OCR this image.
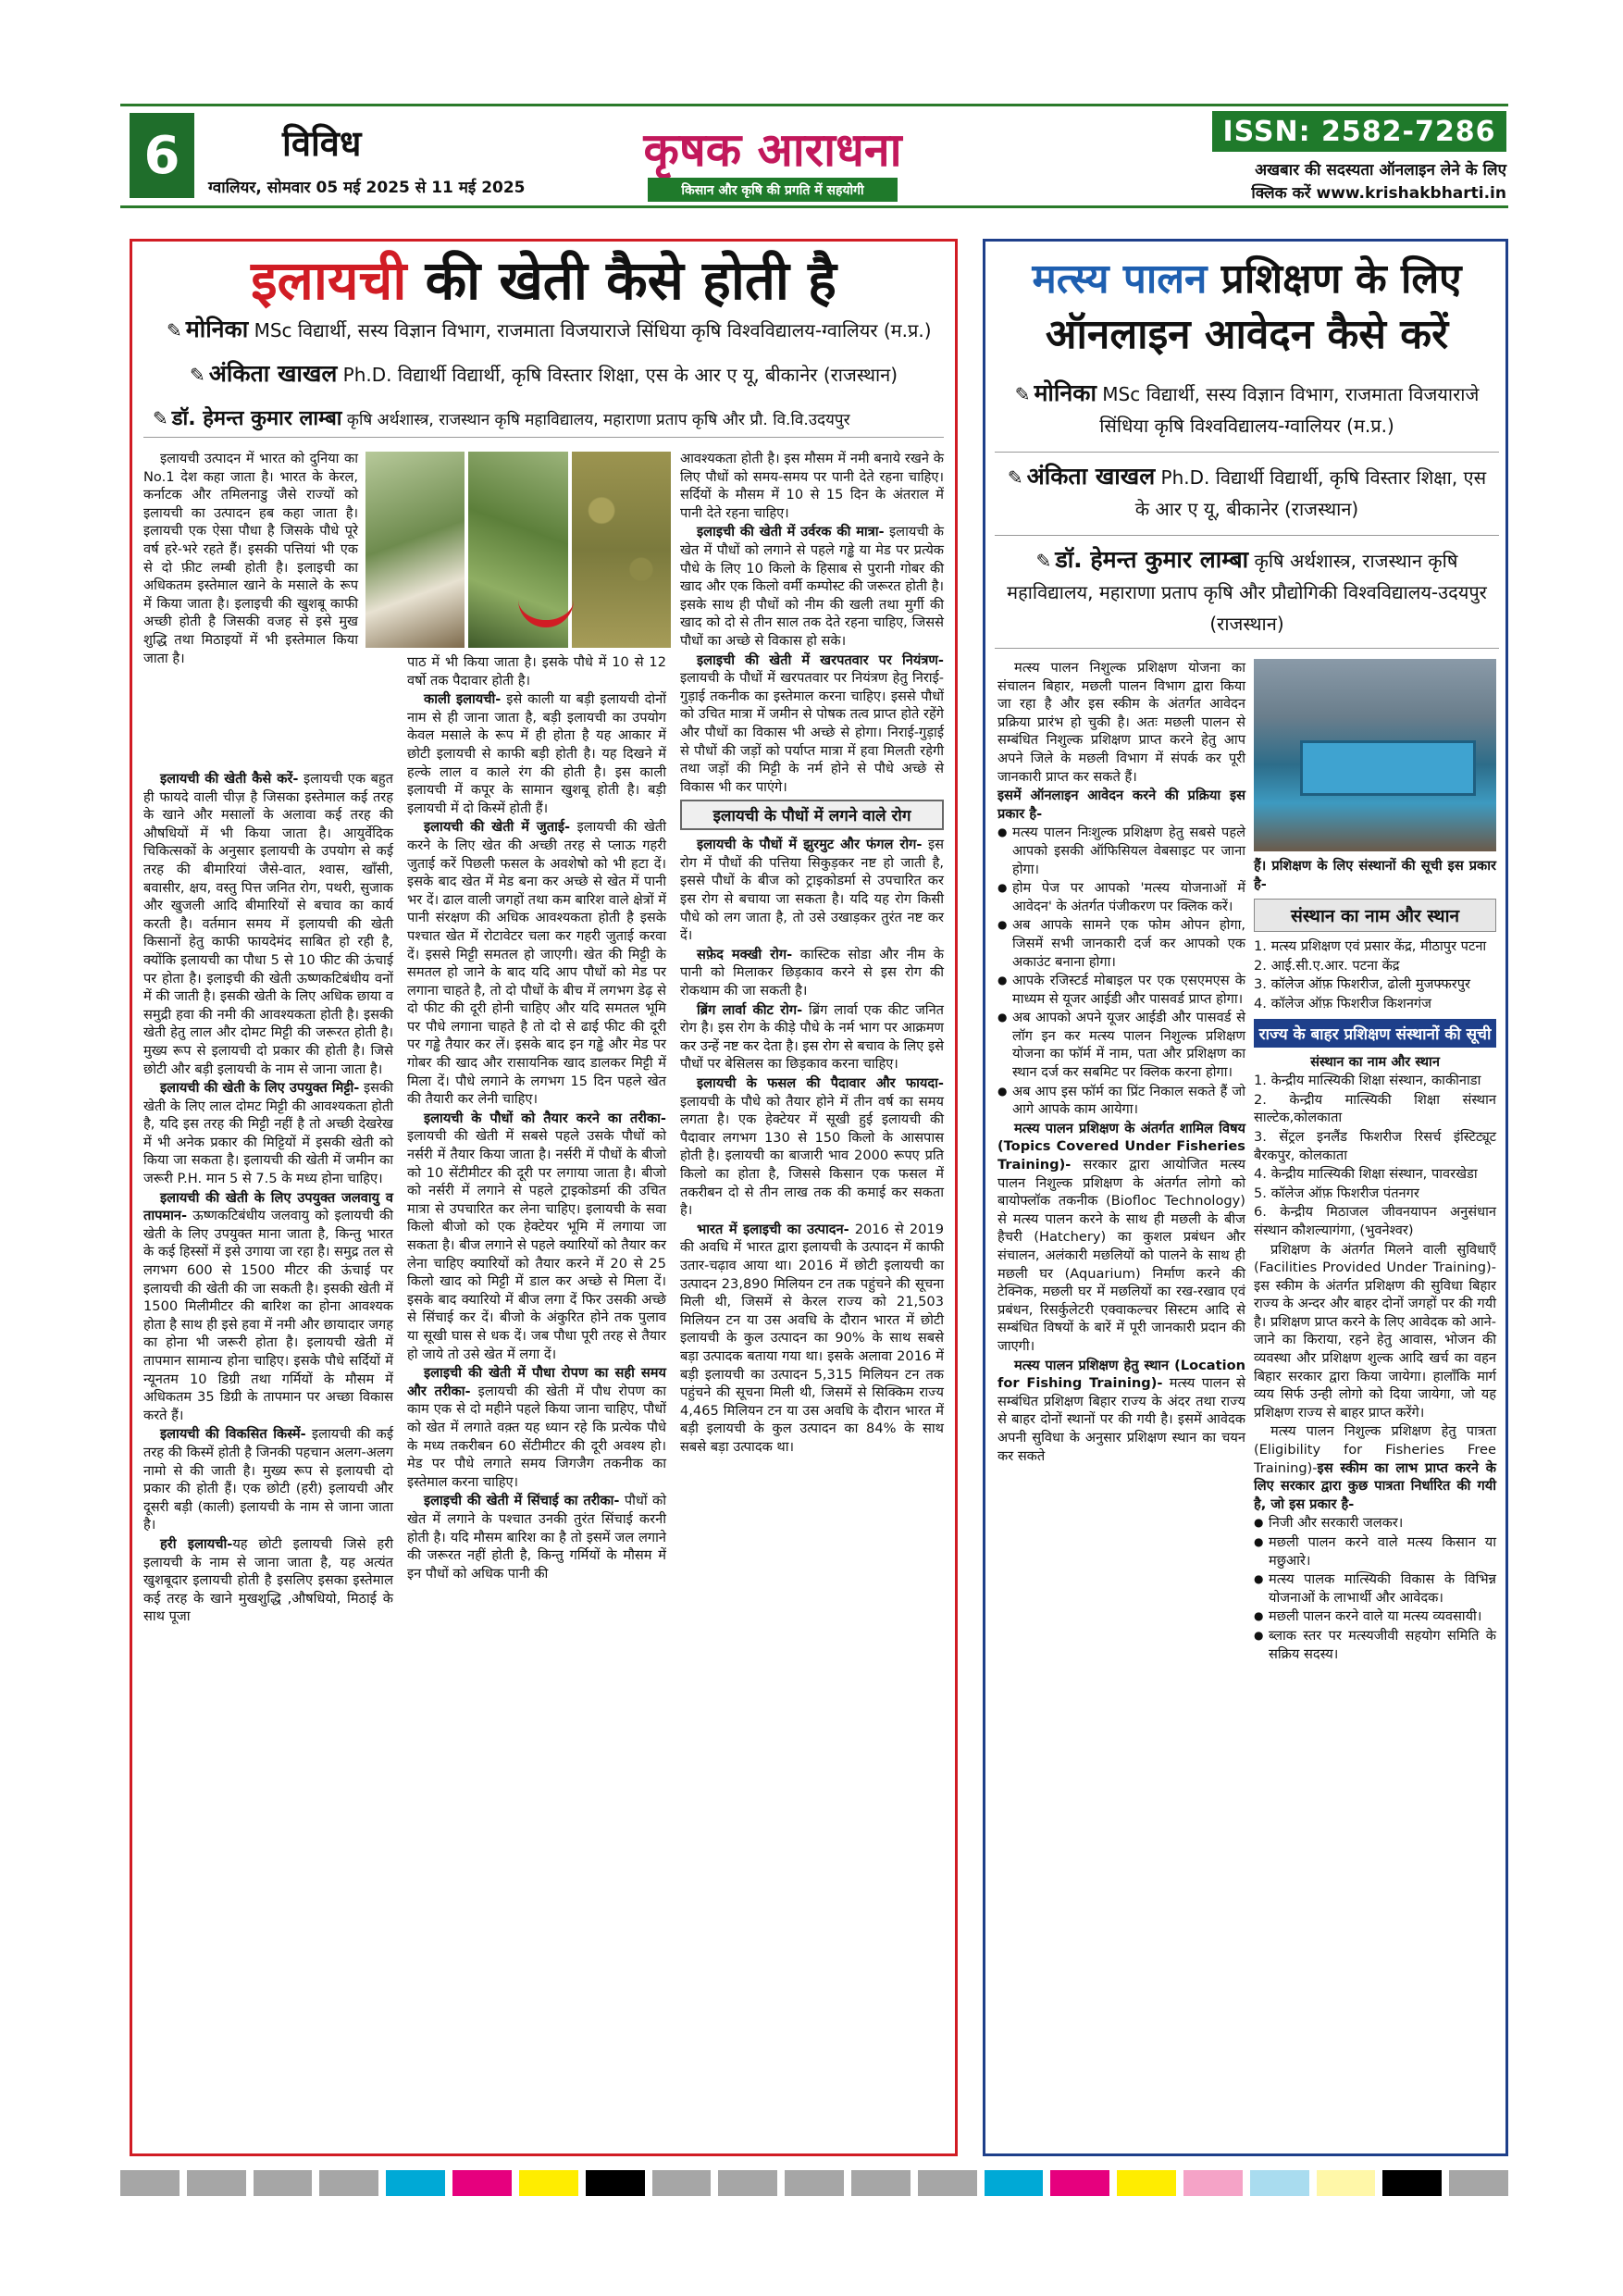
6	विविध
ग्वालियर, सोमवार 05 मई 2025 से 11 मई 2025
कृषक आराधना
किसान और कृषि की प्रगति में सहयोगी
ISSN: 2582-7286
अखबार की सदस्यता ऑनलाइन लेने के लिए
क्लिक करें www.krishakbharti.in
इलायची की खेती कैसे होती है
✎ मोनिका MSc विद्यार्थी, सस्य विज्ञान विभाग, राजमाता विजयाराजे सिंधिया कृषि विश्वविद्यालय-ग्वालियर (म.प्र.)
✎ अंकिता खाखल Ph.D. विद्यार्थी विद्यार्थी, कृषि विस्तार शिक्षा, एस के आर ए यू, बीकानेर (राजस्थान)
✎ डॉ. हेमन्त कुमार लाम्बा कृषि अर्थशास्त्र, राजस्थान कृषि महाविद्यालय, महाराणा प्रताप कृषि और प्रौ. वि.वि.उदयपुर

इलायची उत्पादन में भारत को दुनिया का No.1 देश कहा जाता है। भारत के केरल, कर्नाटक और तमिलनाडु जैसे राज्यों को इलायची का उत्पादन हब कहा जाता है। इलायची एक ऐसा पौधा है जिसके पौधे पूरे वर्ष हरे-भरे रहते हैं। इसकी पत्तियां भी एक से दो फ़ीट लम्बी होती है। इलाइची का अधिकतम इस्तेमाल खाने के मसाले के रूप में किया जाता है। इलाइची की खुशबू काफी अच्छी होती है जिसकी वजह से इसे मुख शुद्धि तथा मिठाइयों में भी इस्तेमाल किया जाता है।

इलायची की खेती कैसे करें- इलायची एक बहुत ही फायदे वाली चीज़ है जिसका इस्तेमाल कई तरह के खाने और मसालों के अलावा कई तरह की औषधियों में भी किया जाता है। आयुर्वेदिक चिकित्सकों के अनुसार इलायची के उपयोग से कई तरह की बीमारियां जैसे-वात, श्वास, खाँसी, बवासीर, क्षय, वस्तु पित्त जनित रोग, पथरी, सुजाक और खुजली आदि बीमारियों से बचाव का कार्य करती है। वर्तमान समय में इलायची की खेती किसानों हेतु काफी फायदेमंद साबित हो रही है, क्योंकि इलायची का पौधा 5 से 10 फीट की ऊंचाई पर होता है। इलाइची की खेती ऊष्णकटिबंधीय वनों में की जाती है। इसकी खेती के लिए अधिक छाया व समुद्री हवा की नमी की आवश्यकता होती है। इसकी खेती हेतु लाल और दोमट मिट्टी की जरूरत होती है। मुख्य रूप से इलायची दो प्रकार की होती है। जिसे छोटी और बड़ी इलायची के नाम से जाना जाता है।

इलायची की खेती के लिए उपयुक्त मिट्टी- इसकी खेती के लिए लाल दोमट मिट्टी की आवश्यकता होती है, यदि इस तरह की मिट्टी नहीं है तो अच्छी देखरेख में भी अनेक प्रकार की मिट्टियों में इसकी खेती को किया जा सकता है। इलायची की खेती में जमीन का जरूरी P.H. मान 5 से 7.5 के मध्य होना चाहिए।

इलायची की खेती के लिए उपयुक्त जलवायु व तापमान- ऊष्णकटिबंधीय जलवायु को इलायची की खेती के लिए उपयुक्त माना जाता है, किन्तु भारत के कई हिस्सों में इसे उगाया जा रहा है। समुद्र तल से लगभग 600 से 1500 मीटर की ऊंचाई पर इलायची की खेती की जा सकती है। इसकी खेती में 1500 मिलीमीटर की बारिश का होना आवश्यक होता है साथ ही इसे हवा में नमी और छायादार जगह का होना भी जरूरी होता है। इलायची खेती में तापमान सामान्य होना चाहिए। इसके पौधे सर्दियों में न्यूनतम 10 डिग्री तथा गर्मियों के मौसम में अधिकतम 35 डिग्री के तापमान पर अच्छा विकास करते हैं।

इलायची की विकसित किस्में- इलायची की कई तरह की किस्में होती है जिनकी पहचान अलग-अलग नामो से की जाती है। मुख्य रूप से इलायची दो प्रकार की होती हैं। एक छोटी (हरी) इलायची और दूसरी बड़ी (काली) इलायची के नाम से जाना जाता है।

हरी इलायची-यह छोटी इलायची जिसे हरी इलायची के नाम से जाना जाता है, यह अत्यंत खुशबूदार इलायची होती है इसलिए इसका इस्तेमाल कई तरह के खाने मुखशुद्धि ,औषधियो, मिठाई के साथ पूजा

पाठ में भी किया जाता है। इसके पौधे में 10 से 12 वर्षो तक पैदावार होती है।

काली इलायची- इसे काली या बड़ी इलायची दोनों नाम से ही जाना जाता है, बड़ी इलायची का उपयोग केवल मसाले के रूप में ही होता है यह आकार में छोटी इलायची से काफी बड़ी होती है। यह दिखने में हल्के लाल व काले रंग की होती है। इस काली इलायची में कपूर के सामान खुशबू होती है। बड़ी इलायची में दो किस्में होती हैं।

इलायची की खेती में जुताई- इलायची की खेती करने के लिए खेत की अच्छी तरह से प्लाऊ गहरी जुताई करें पिछली फसल के अवशेषो को भी हटा दें। इसके बाद खेत में मेड बना कर अच्छे से खेत में पानी भर दें। ढाल वाली जगहों तथा कम बारिश वाले क्षेत्रों में पानी संरक्षण की अधिक आवश्यकता होती है इसके पश्चात खेत में रोटावेटर चला कर गहरी जुताई करवा दें। इससे मिट्टी समतल हो जाएगी। खेत की मिट्टी के समतल हो जाने के बाद यदि आप पौधों को मेड पर लगाना चाहते है, तो दो पौधों के बीच में लगभग डेढ़ से दो फीट की दूरी होनी चाहिए और यदि समतल भूमि पर पौधे लगाना चाहते है तो दो से ढाई फीट की दूरी पर गड्ढे तैयार कर लें। इसके बाद इन गड्ढे और मेड पर गोबर की खाद और रासायनिक खाद डालकर मिट्टी में मिला दें। पौधे लगाने के लगभग 15 दिन पहले खेत की तैयारी कर लेनी चाहिए।

इलायची के पौधों को तैयार करने का तरीका- इलायची की खेती में सबसे पहले उसके पौधों को नर्सरी में तैयार किया जाता है। नर्सरी में पौधों के बीजो को 10 सेंटीमीटर की दूरी पर लगाया जाता है। बीजो को नर्सरी में लगाने से पहले ट्राइकोडर्मा की उचित मात्रा से उपचारित कर लेना चाहिए। इलायची के सवा किलो बीजो को एक हेक्टेयर भूमि में लगाया जा सकता है। बीज लगाने से पहले क्यारियों को तैयार कर लेना चाहिए क्यारियों को तैयार करने में 20 से 25 किलो खाद को मिट्टी में डाल कर अच्छे से मिला दें। इसके बाद क्यारियो में बीज लगा दें फिर उसकी अच्छे से सिंचाई कर दें। बीजो के अंकुरित होने तक पुलाव या सूखी घास से धक दें। जब पौधा पूरी तरह से तैयार हो जाये तो उसे खेत में लगा दें।

इलाइची की खेती में पौधा रोपण का सही समय और तरीका- इलायची की खेती में पौध रोपण का काम एक से दो महीने पहले किया जाना चाहिए, पौधों को खेत में लगाते वक़्त यह ध्यान रहे कि प्रत्येक पौधे के मध्य तकरीबन 60 सेंटीमीटर की दूरी अवश्य हो। मेड पर पौधे लगाते समय जिगजैग तकनीक का इस्तेमाल करना चाहिए।

इलाइची की खेती में सिंचाई का तरीका- पौधों को खेत में लगाने के पश्चात उनकी तुरंत सिंचाई करनी होती है। यदि मौसम बारिश का है तो इसमें जल लगाने की जरूरत नहीं होती है, किन्तु गर्मियों के मौसम में इन पौधों को अधिक पानी की

आवश्यकता होती है। इस मौसम में नमी बनाये रखने के लिए पौधों को समय-समय पर पानी देते रहना चाहिए। सर्दियों के मौसम में 10 से 15 दिन के अंतराल में पानी देते रहना चाहिए।

इलाइची की खेती में उर्वरक की मात्रा- इलायची के खेत में पौधों को लगाने से पहले गड्ढे या मेड पर प्रत्येक पौधे के लिए 10 किलो के हिसाब से पुरानी गोबर की खाद और एक किलो वर्मी कम्पोस्ट की जरूरत होती है। इसके साथ ही पौधों को नीम की खली तथा मुर्गी की खाद को दो से तीन साल तक देते रहना चाहिए, जिससे पौधों का अच्छे से विकास हो सके।

इलाइची की खेती में खरपतवार पर नियंत्रण- इलायची के पौधों में खरपतवार पर नियंत्रण हेतु निराई- गुड़ाई तकनीक का इस्तेमाल करना चाहिए। इससे पौधों को उचित मात्रा में जमीन से पोषक तत्व प्राप्त होते रहेंगे और पौधों का विकास भी अच्छे से होगा। निराई-गुड़ाई से पौधों की जड़ों को पर्याप्त मात्रा में हवा मिलती रहेगी तथा जड़ों की मिट्टी के नर्म होने से पौधे अच्छे से विकास भी कर पाएंगे।

इलायची के पौधों में लगने वाले रोग

इलायची के पौधों में झुरमुट और फंगल रोग- इस रोग में पौधों की पत्तिया सिकुड़कर नष्ट हो जाती है, इससे पौधों के बीज को ट्राइकोडर्मा से उपचारित कर इस रोग से बचाया जा सकता है। यदि यह रोग किसी पौधे को लग जाता है, तो उसे उखाड़कर तुरंत नष्ट कर दें।

सफ़ेद मक्खी रोग- कास्टिक सोडा और नीम के पानी को मिलाकर छिड़काव करने से इस रोग की रोकथाम की जा सकती है।

ब्रिंग लार्वा कीट रोग- ब्रिंग लार्वा एक कीट जनित रोग है। इस रोग के कीड़े पौधे के नर्म भाग पर आक्रमण कर उन्हें नष्ट कर देता है। इस रोग से बचाव के लिए इसे पौधों पर बेसिलस का छिड़काव करना चाहिए।

इलायची के फसल की पैदावार और फायदा- इलायची के पौधे को तैयार होने में तीन वर्ष का समय लगता है। एक हेक्टेयर में सूखी हुई इलायची की पैदावार लगभग 130 से 150 किलो के आसपास होती है। इलायची का बाजारी भाव 2000 रूपए प्रति किलो का होता है, जिससे किसान एक फसल में तकरीबन दो से तीन लाख तक की कमाई कर सकता है।

भारत में इलाइची का उत्पादन- 2016 से 2019 की अवधि में भारत द्वारा इलायची के उत्पादन में काफी उतार-चढ़ाव आया था। 2016 में छोटी इलायची का उत्पादन 23,890 मिलियन टन तक पहुंचने की सूचना मिली थी, जिसमें से केरल राज्य को 21,503 मिलियन टन या उस अवधि के दौरान भारत में छोटी इलायची के कुल उत्पादन का 90% के साथ सबसे बड़ा उत्पादक बताया गया था। इसके अलावा 2016 में बड़ी इलायची का उत्पादन 5,315 मिलियन टन तक पहुंचने की सूचना मिली थी, जिसमें से सिक्किम राज्य 4,465 मिलियन टन या उस अवधि के दौरान भारत में बड़ी इलायची के कुल उत्पादन का 84% के साथ सबसे बड़ा उत्पादक था।

मत्स्य पालन प्रशिक्षण के लिए
ऑनलाइन आवेदन कैसे करें
✎ मोनिका MSc विद्यार्थी, सस्य विज्ञान विभाग, राजमाता विजयाराजे सिंधिया कृषि विश्वविद्यालय-ग्वालियर (म.प्र.)
✎ अंकिता खाखल Ph.D. विद्यार्थी विद्यार्थी, कृषि विस्तार शिक्षा, एस के आर ए यू, बीकानेर (राजस्थान)
✎ डॉ. हेमन्त कुमार लाम्बा कृषि अर्थशास्त्र, राजस्थान कृषि महाविद्यालय, महाराणा प्रताप कृषि और प्रौद्योगिकी विश्वविद्यालय-उदयपुर (राजस्थान)

मत्स्य पालन निशुल्क प्रशिक्षण योजना का संचालन बिहार, मछली पालन विभाग द्वारा किया जा रहा है और इस स्कीम के अंतर्गत आवेदन प्रक्रिया प्रारंभ हो चुकी है। अतः मछली पालन से सम्बंधित निशुल्क प्रशिक्षण प्राप्त करने हेतु आप अपने जिले के मछली विभाग में संपर्क कर पूरी जानकारी प्राप्त कर सकते हैं।

इसमें ऑनलाइन आवेदन करने की प्रक्रिया इस प्रकार है-

● मत्स्य पालन निःशुल्क प्रशिक्षण हेतु सबसे पहले आपको इसकी ऑफिसियल वेबसाइट पर जाना होगा।

● होम पेज पर आपको 'मत्स्य योजनाओं में आवेदन' के अंतर्गत पंजीकरण पर क्लिक करें।

● अब आपके सामने एक फोम ओपन होगा, जिसमें सभी जानकारी दर्ज कर आपको एक अकाउंट बनाना होगा।

● आपके रजिस्टर्ड मोबाइल पर एक एसएमएस के माध्यम से यूजर आईडी और पासवर्ड प्राप्त होगा।

● अब आपको अपने यूजर आईडी और पासवर्ड से लॉग इन कर मत्स्य पालन निशुल्क प्रशिक्षण योजना का फॉर्म में नाम, पता और प्रशिक्षण का स्थान दर्ज कर सबमिट पर क्लिक करना होगा।

● अब आप इस फॉर्म का प्रिंट निकाल सकते हैं जो आगे आपके काम आयेगा।

मत्स्य पालन प्रशिक्षण के अंतर्गत शामिल विषय (Topics Covered Under Fisheries Training)- सरकार द्वारा आयोजित मत्स्य पालन निशुल्क प्रशिक्षण के अंतर्गत लोगो को बायोफ्लॉक तकनीक (Biofloc Technology) से मत्स्य पालन करने के साथ ही मछली के बीज हैचरी (Hatchery) का कुशल प्रबंधन और संचालन, अलंकारी मछलियों को पालने के साथ ही मछली घर (Aquarium) निर्माण करने की टेक्निक, मछली घर में मछलियों का रख-रखाव एवं प्रबंधन, रिसर्कुलेटरी एक्वाकल्चर सिस्टम आदि से सम्बंधित विषयों के बारें में पूरी जानकारी प्रदान की जाएगी।

मत्स्य पालन प्रशिक्षण हेतु स्थान (Location for Fishing Training)- मत्स्य पालन से सम्बंधित प्रशिक्षण बिहार राज्य के अंदर तथा राज्य से बाहर दोनों स्थानों पर की गयी है। इसमें आवेदक अपनी सुविधा के अनुसार प्रशिक्षण स्थान का चयन कर सकते

हैं। प्रशिक्षण के लिए संस्थानों की सूची इस प्रकार है-

संस्थान का नाम और स्थान

1. मत्स्य प्रशिक्षण एवं प्रसार केंद्र, मीठापुर पटना

2. आई.सी.ए.आर. पटना केंद्र

3. कॉलेज ऑफ़ फिशरीज, ढोली मुजफ्फरपुर

4. कॉलेज ऑफ़ फिशरीज किशनगंज

राज्य के बाहर प्रशिक्षण संस्थानों की सूची

संस्थान का नाम और स्थान

1. केन्द्रीय मात्स्यिकी शिक्षा संस्थान, काकीनाडा

2. केन्द्रीय मात्स्यिकी शिक्षा संस्थान साल्टेक,कोलकाता

3. सेंट्रल इनलैंड फिशरीज रिसर्च इंस्टिट्यूट बैरकपुर, कोलकाता

4. केन्द्रीय मात्स्यिकी शिक्षा संस्थान, पावरखेडा

5. कॉलेज ऑफ़ फिशरीज पंतनगर

6. केन्द्रीय मिठाजल जीवनयापन अनुसंधान संस्थान कौशल्यागंगा, (भुवनेश्वर)

प्रशिक्षण के अंतर्गत मिलने वाली सुविधाएँ (Facilities Provided Under Training)- इस स्कीम के अंतर्गत प्रशिक्षण की सुविधा बिहार राज्य के अन्दर और बाहर दोनों जगहों पर की गयी है। प्रशिक्षण प्राप्त करने के लिए आवेदक को आने-जाने का किराया, रहने हेतु आवास, भोजन की व्यवस्था और प्रशिक्षण शुल्क आदि खर्च का वहन बिहार सरकार द्वारा किया जायेगा। हालाँकि मार्ग व्यय सिर्फ उन्ही लोगो को दिया जायेगा, जो यह प्रशिक्षण राज्य से बाहर प्राप्त करेंगे।

मत्स्य पालन निशुल्क प्रशिक्षण हेतु पात्रता (Eligibility for Fisheries Free Training)-इस स्कीम का लाभ प्राप्त करने के लिए सरकार द्वारा कुछ पात्रता निर्धारित की गयी है, जो इस प्रकार है-

● निजी और सरकारी जलकर।

● मछली पालन करने वाले मत्स्य किसान या मछुआरे।

● मत्स्य पालक मात्स्यिकी विकास के विभिन्न योजनाओं के लाभार्थी और आवेदक।

● मछली पालन करने वाले या मत्स्य व्यवसायी।

● ब्लाक स्तर पर मत्स्यजीवी सहयोग समिति के सक्रिय सदस्य।
